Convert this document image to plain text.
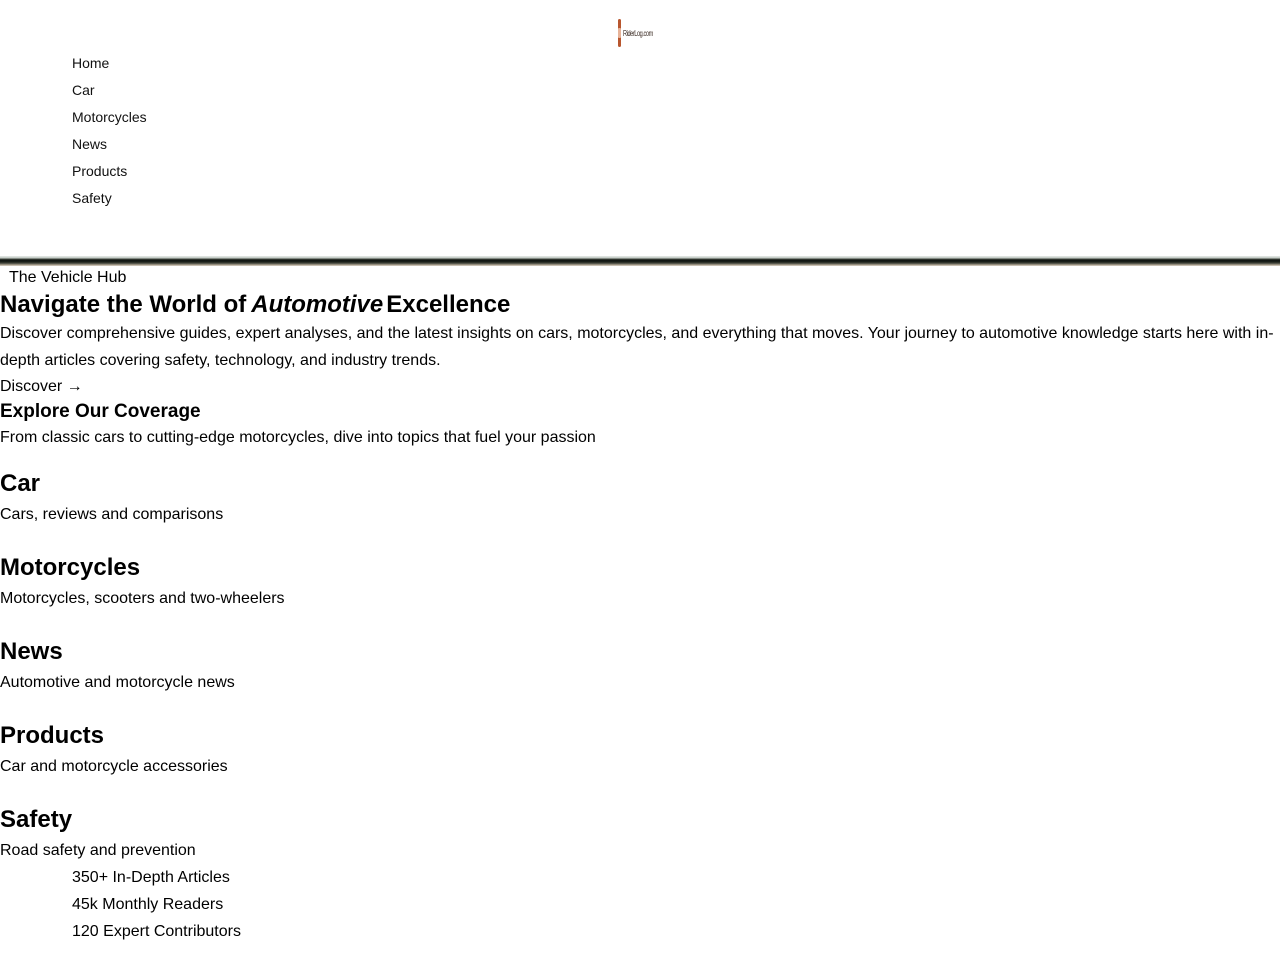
RiderLog.com
Home
Car
Motorcycles
News
Products
Safety

The Vehicle Hub

Navigate the World of Automotive Excellence

Discover comprehensive guides, expert analyses, and the latest insights on cars, motorcycles, and everything that moves. Your journey to automotive knowledge starts here with in-depth articles covering safety, technology, and industry trends.

Discover →
Explore Our Coverage

From classic cars to cutting-edge motorcycles, dive into topics that fuel your passion

Car

Cars, reviews and comparisons

Motorcycles

Motorcycles, scooters and two-wheelers

News

Automotive and motorcycle news

Products

Car and motorcycle accessories

Safety

Road safety and prevention

350+ In-Depth Articles
45k Monthly Readers
120 Expert Contributors
